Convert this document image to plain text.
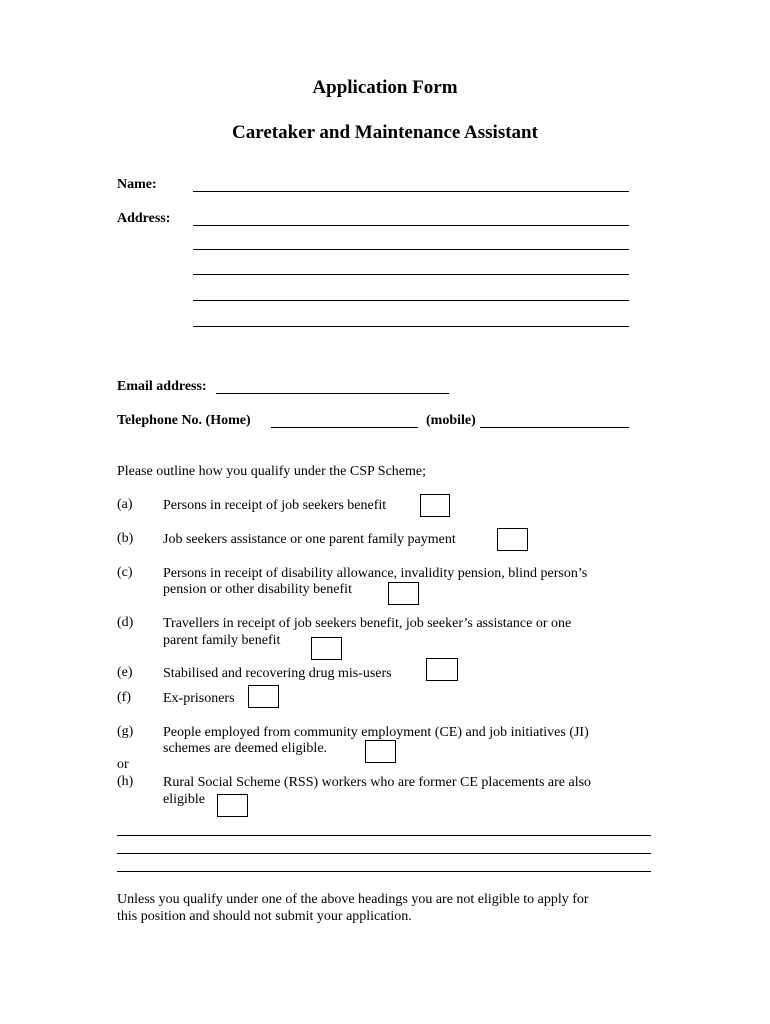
Application Form
Caretaker and Maintenance Assistant
Name:
Address:
Email address:
Telephone No. (Home)	(mobile)
Please outline how you qualify under the CSP Scheme;
(a) Persons in receipt of job seekers benefit
(b) Job seekers assistance or one parent family payment
(c) Persons in receipt of disability allowance, invalidity pension, blind person’s
pension or other disability benefit
(d) Travellers in receipt of job seekers benefit, job seeker’s assistance or one
parent family benefit
(e) Stabilised and recovering drug mis-users
(f) Ex-prisoners
(g) People employed from community employment (CE) and job initiatives (JI)
schemes are deemed eligible.
or
(h) Rural Social Scheme (RSS) workers who are former CE placements are also
eligible
Unless you qualify under one of the above headings you are not eligible to apply for
this position and should not submit your application.
